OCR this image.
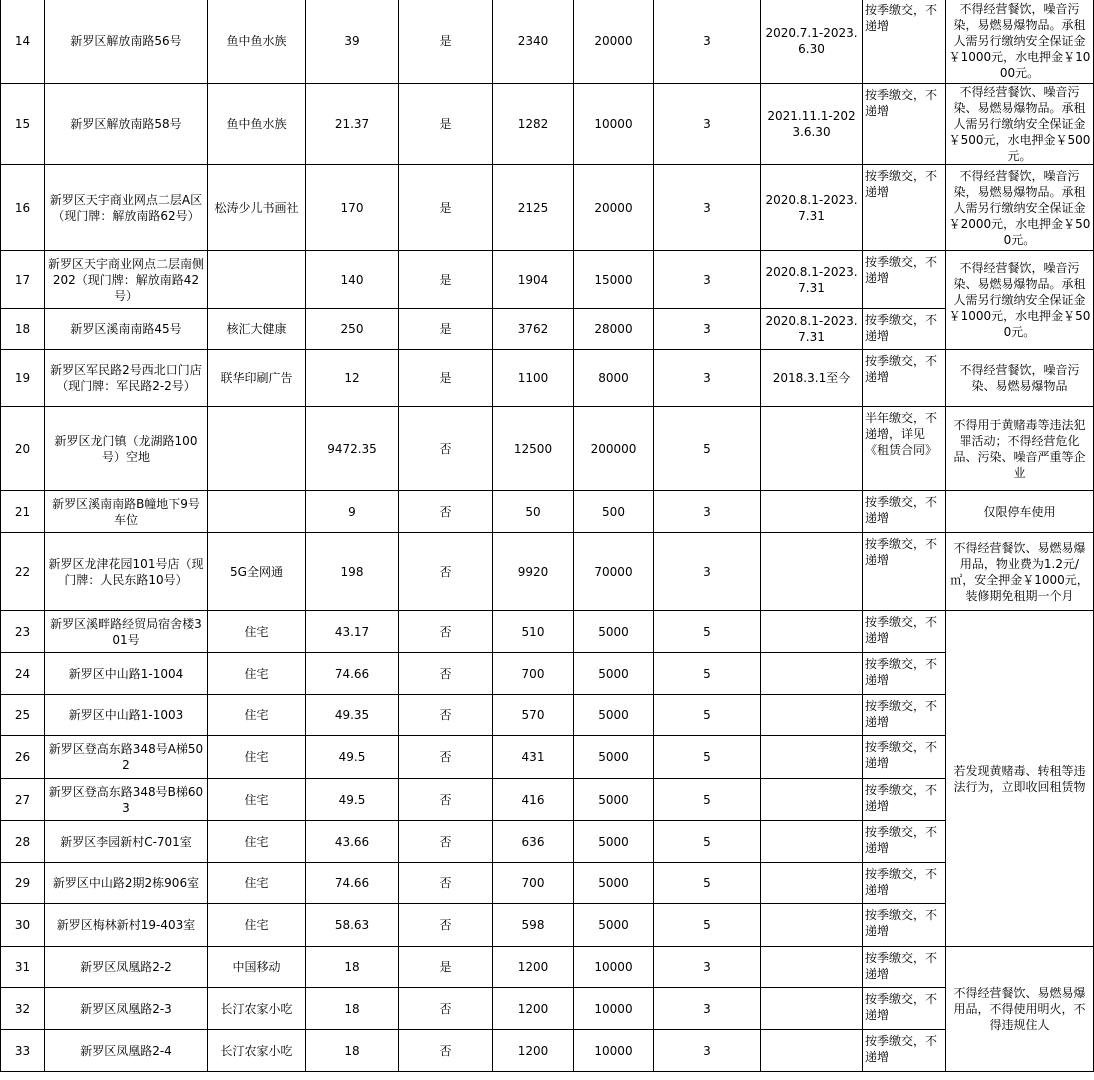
14	新罗区解放南路56号	鱼中鱼水族	39	是	2340	20000	3	2020.7.1-2023.6.30	按季缴交，不递增	不得经营餐饮，噪音污染，易燃易爆物品。承租人需另行缴纳安全保证金￥1000元，水电押金￥1000元。
15	新罗区解放南路58号	鱼中鱼水族	21.37	是	1282	10000	3	2021.11.1-2023.6.30	按季缴交，不递增	不得经营餐饮、噪音污染、易燃易爆物品。承租人需另行缴纳安全保证金￥500元，水电押金￥500元。
16	新罗区天宇商业网点二层A区（现门牌：解放南路62号）	松涛少儿书画社	170	是	2125	20000	3	2020.8.1-2023.7.31	按季缴交，不递增	不得经营餐饮，噪音污染，易燃易爆物品。承租人需另行缴纳安全保证金￥2000元，水电押金￥500元。
17	新罗区天宇商业网点二层南侧202（现门牌：解放南路42号）		140	是	1904	15000	3	2020.8.1-2023.7.31	按季缴交，不递增	不得经营餐饮，噪音污染、易燃易爆物品。承租人需另行缴纳安全保证金￥1000元，水电押金￥500元。
18	新罗区溪南南路45号	核汇大健康	250	是	3762	28000	3	2020.8.1-2023.7.31	按季缴交，不递增	
19	新罗区军民路2号西北口门店（现门牌：军民路2-2号）	联华印刷广告	12	是	1100	8000	3	2018.3.1至今	按季缴交，不递增	不得经营餐饮，噪音污染、易燃易爆物品
20	新罗区龙门镇（龙湖路100号）空地		9472.35	否	12500	200000	5		半年缴交，不递增，详见《租赁合同》	不得用于黄赌毒等违法犯罪活动；不得经营危化品、污染、噪音严重等企业
21	新罗区溪南南路B幢地下9号车位		9	否	50	500	3		按季缴交，不递增	仅限停车使用
22	新罗区龙津花园101号店（现门牌：人民东路10号）	5G全网通	198	否	9920	70000	3		按季缴交，不递增	不得经营餐饮、易燃易爆用品，物业费为1.2元/㎡，安全押金￥1000元，装修期免租期一个月
23	新罗区溪畔路经贸局宿舍楼301号	住宅	43.17	否	510	5000	5		按季缴交，不递增	若发现黄赌毒、转租等违法行为，立即收回租赁物
24	新罗区中山路1-1004	住宅	74.66	否	700	5000	5		按季缴交，不递增	
25	新罗区中山路1-1003	住宅	49.35	否	570	5000	5		按季缴交，不递增	
26	新罗区登高东路348号A梯502	住宅	49.5	否	431	5000	5		按季缴交，不递增	
27	新罗区登高东路348号B梯603	住宅	49.5	否	416	5000	5		按季缴交，不递增	
28	新罗区李园新村C-701室	住宅	43.66	否	636	5000	5		按季缴交，不递增	
29	新罗区中山路2期2栋906室	住宅	74.66	否	700	5000	5		按季缴交，不递增	
30	新罗区梅林新村19-403室	住宅	58.63	否	598	5000	5		按季缴交，不递增	
31	新罗区凤凰路2-2	中国移动	18	是	1200	10000	3		按季缴交，不递增	不得经营餐饮、易燃易爆用品，不得使用明火，不得违规住人
32	新罗区凤凰路2-3	长汀农家小吃	18	否	1200	10000	3		按季缴交，不递增	
33	新罗区凤凰路2-4	长汀农家小吃	18	否	1200	10000	3		按季缴交，不递增	
